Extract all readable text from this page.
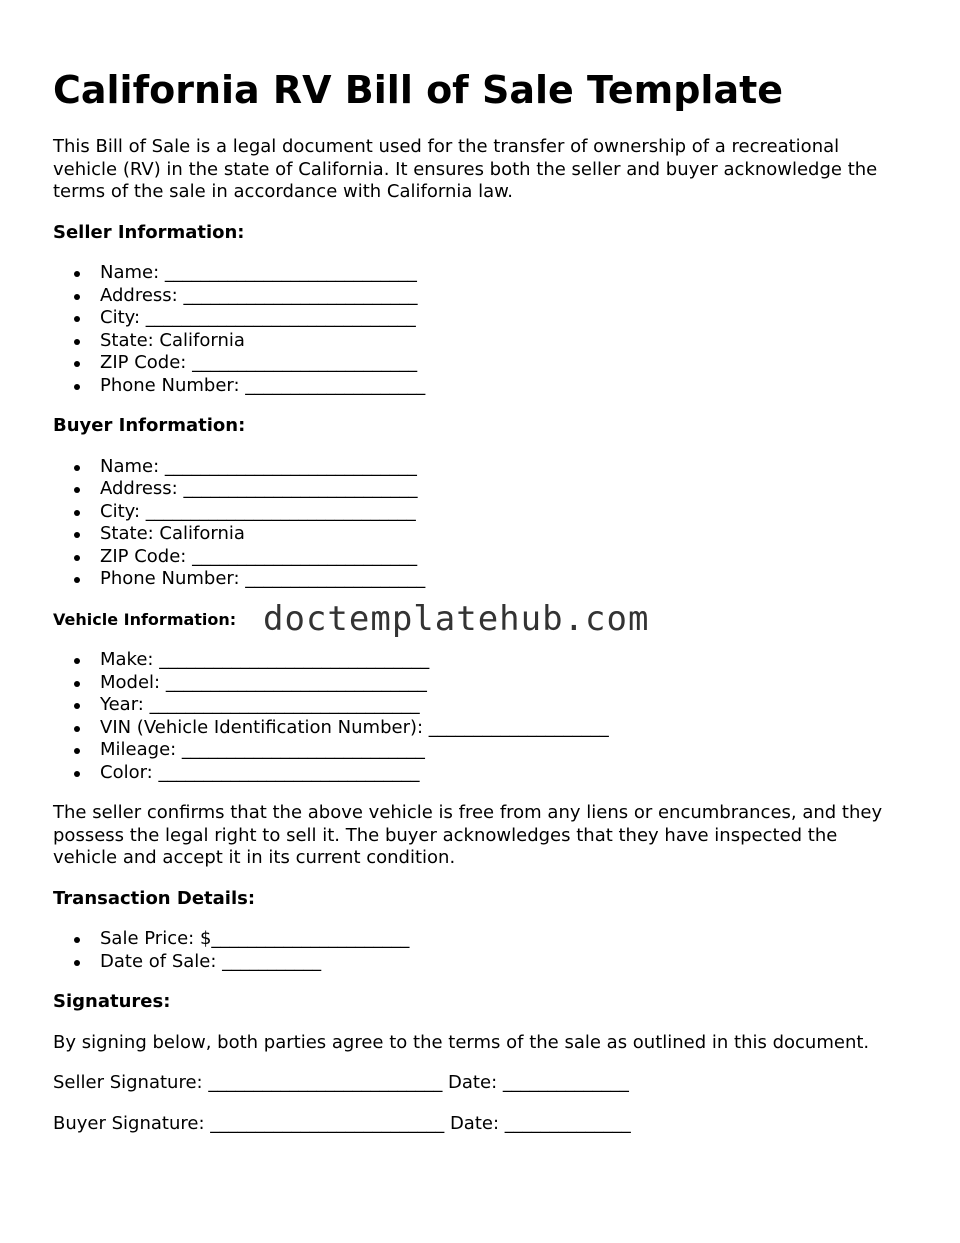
California RV Bill of Sale Template

This Bill of Sale is a legal document used for the transfer of ownership of a recreational vehicle (RV) in the state of California. It ensures both the seller and buyer acknowledge the terms of the sale in accordance with California law.

Seller Information:
Name: ____________________________
Address: __________________________
City: ______________________________
State: California
ZIP Code: _________________________
Phone Number: ____________________
Buyer Information:
Name: ____________________________
Address: __________________________
City: ______________________________
State: California
ZIP Code: _________________________
Phone Number: ____________________
Vehicle Information: doctemplatehub.com
Make: ______________________________
Model: _____________________________
Year: ______________________________
VIN (Vehicle Identification Number): ____________________
Mileage: ___________________________
Color: _____________________________

The seller confirms that the above vehicle is free from any liens or encumbrances, and they possess the legal right to sell it. The buyer acknowledges that they have inspected the vehicle and accept it in its current condition.

Transaction Details:
Sale Price: $______________________
Date of Sale: ___________
Signatures:

By signing below, both parties agree to the terms of the sale as outlined in this document.

Seller Signature: __________________________ Date: ______________

Buyer Signature: __________________________ Date: ______________
